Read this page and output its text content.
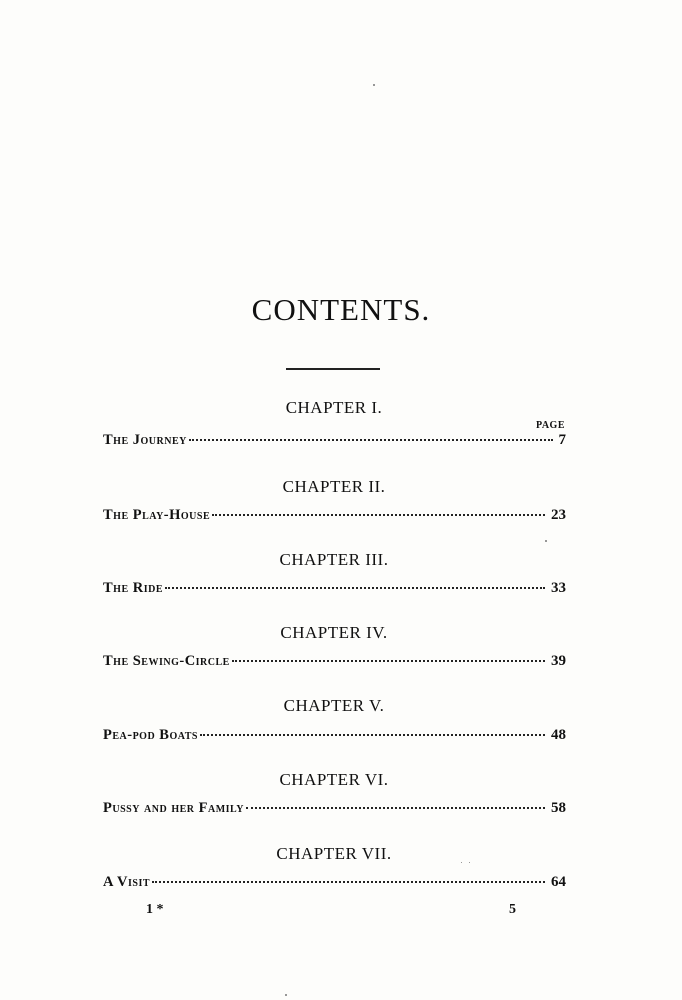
CONTENTS.
CHAPTER I.
PAGE
The Journey	7
CHAPTER II.
The Play-House	23
CHAPTER III.
The Ride	33
CHAPTER IV.
The Sewing-Circle	39
CHAPTER V.
Pea-pod Boats	48
CHAPTER VI.
Pussy and her Family	58
CHAPTER VII.
A Visit	64
1 *	5
